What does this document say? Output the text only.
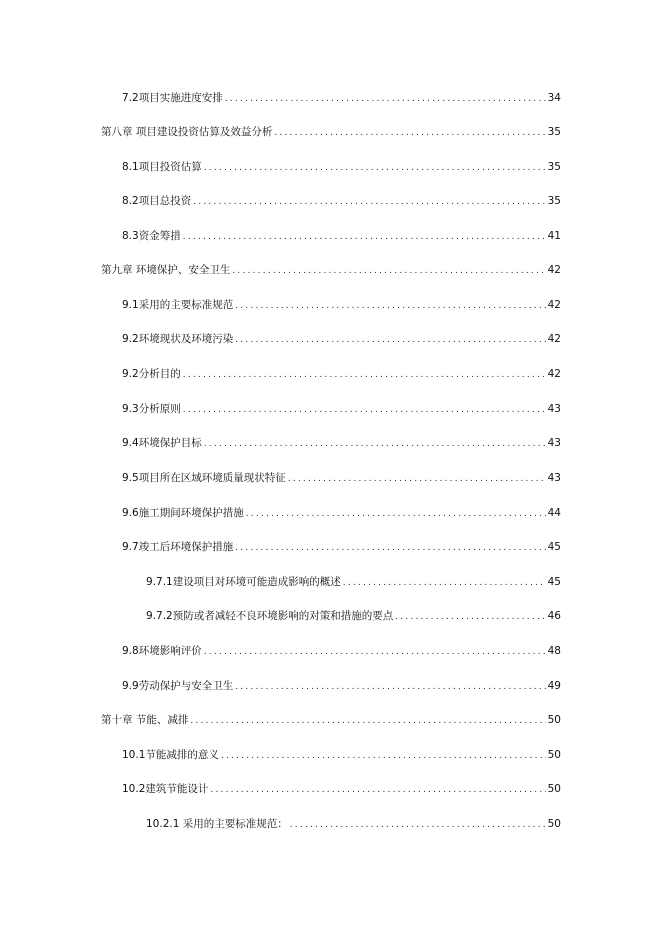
7.2项目实施进度安排 .....	34
第八章 项目建设投资估算及效益分析 .....	35
8.1项目投资估算 .....	35
8.2项目总投资 .....	35
8.3资金筹措 .....	41
第九章 环境保护、安全卫生 .....	42
9.1采用的主要标准规范 .....	42
9.2环境现状及环境污染 .....	42
9.2分析目的 .....	42
9.3分析原则 .....	43
9.4环境保护目标 .....	43
9.5项目所在区域环境质量现状特征 .....	43
9.6施工期间环境保护措施 .....	44
9.7竣工后环境保护措施 .....	45
9.7.1建设项目对环境可能造成影响的概述 .....	45
9.7.2预防或者减轻不良环境影响的对策和措施的要点 .....	46
9.8环境影响评价 .....	48
9.9劳动保护与安全卫生 .....	49
第十章 节能、减排 .....	50
10.1节能减排的意义 .....	50
10.2建筑节能设计 .....	50
10.2.1 采用的主要标准规范： .....	50
